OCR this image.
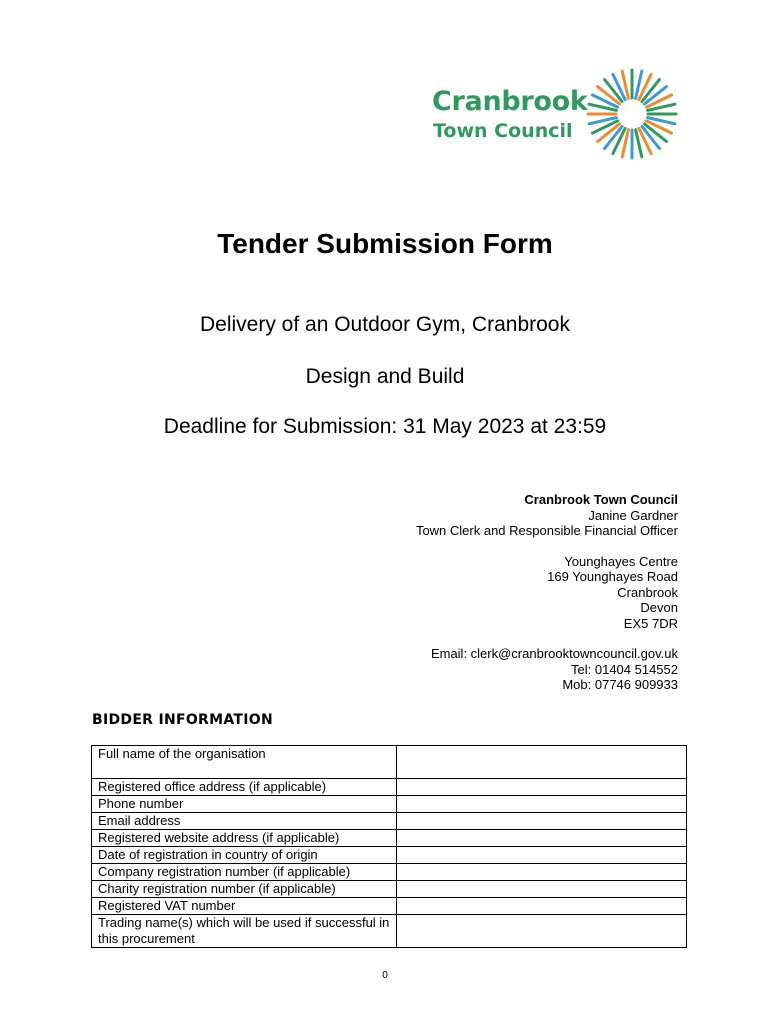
Cranbrook
Town Council
Tender Submission Form
Delivery of an Outdoor Gym, Cranbrook
Design and Build
Deadline for Submission: 31 May 2023 at 23:59
Cranbrook Town Council
Janine Gardner
Town Clerk and Responsible Financial Officer
Younghayes Centre
169 Younghayes Road
Cranbrook
Devon
EX5 7DR
Email: clerk@cranbrooktowncouncil.gov.uk
Tel: 01404 514552
Mob: 07746 909933
BIDDER INFORMATION
Full name of the organisation	
Registered office address (if applicable)	
Phone number	
Email address	
Registered website address (if applicable)	
Date of registration in country of origin	
Company registration number (if applicable)	
Charity registration number (if applicable)	
Registered VAT number	
Trading name(s) which will be used if successful in this procurement	
0
